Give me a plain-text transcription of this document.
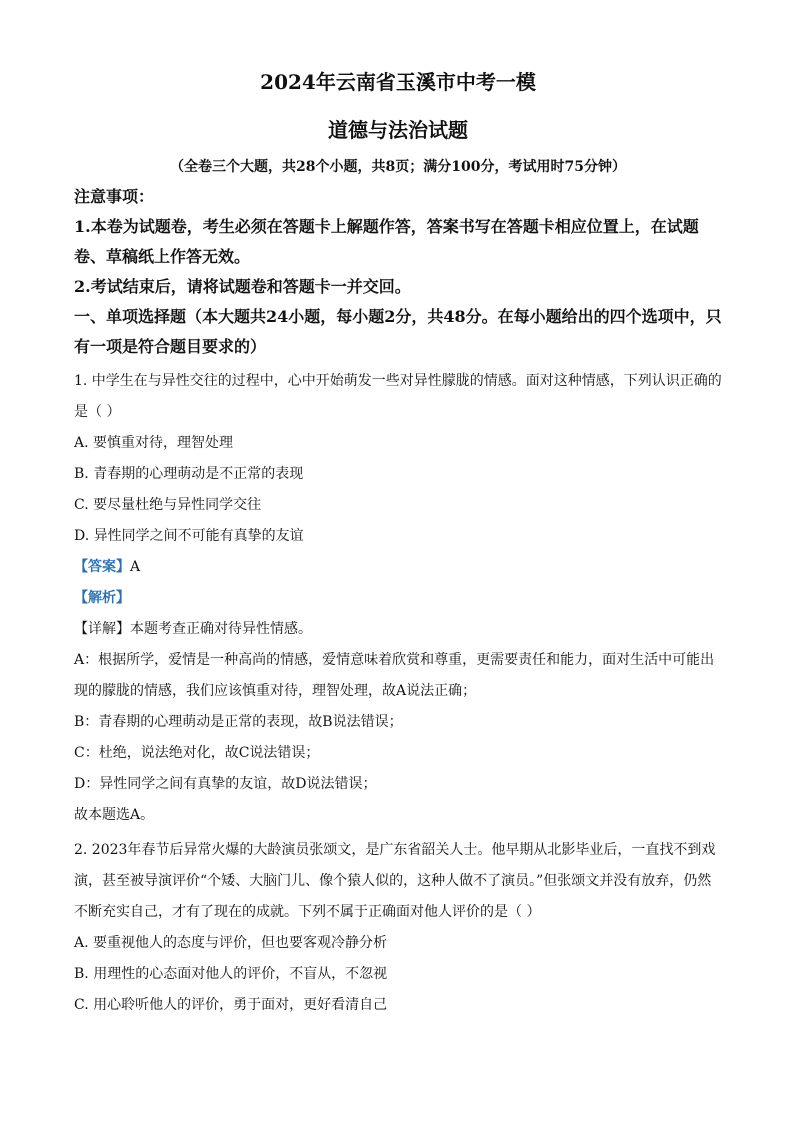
2024年云南省玉溪市中考一模
道德与法治试题
（全卷三个大题，共28个小题，共8页；满分100分，考试用时75分钟）

注意事项：

1.本卷为试题卷，考生必须在答题卡上解题作答，答案书写在答题卡相应位置上，在试题卷、草稿纸上作答无效。

2.考试结束后，请将试题卷和答题卡一并交回。

一、单项选择题（本大题共24小题，每小题2分，共48分。在每小题给出的四个选项中，只有一项是符合题目要求的）

1. 中学生在与异性交往的过程中，心中开始萌发一些对异性朦胧的情感。面对这种情感，下列认识正确的是（ ）

A. 要慎重对待，理智处理

B. 青春期的心理萌动是不正常的表现

C. 要尽量杜绝与异性同学交往

D. 异性同学之间不可能有真挚的友谊

【答案】A

【解析】

【详解】本题考查正确对待异性情感。

A：根据所学，爱情是一种高尚的情感，爱情意味着欣赏和尊重，更需要责任和能力，面对生活中可能出现的朦胧的情感，我们应该慎重对待，理智处理，故A说法正确；

B：青春期的心理萌动是正常的表现，故B说法错误；

C：杜绝，说法绝对化，故C说法错误；

D：异性同学之间有真挚的友谊，故D说法错误；

故本题选A。

2. 2023年春节后异常火爆的大龄演员张颂文，是广东省韶关人士。他早期从北影毕业后，一直找不到戏演，甚至被导演评价“个矮、大脑门儿、像个猿人似的，这种人做不了演员。”但张颂文并没有放弃，仍然不断充实自己，才有了现在的成就。下列不属于正确面对他人评价的是（ ）

A. 要重视他人的态度与评价，但也要客观冷静分析

B. 用理性的心态面对他人的评价，不盲从，不忽视

C. 用心聆听他人的评价，勇于面对，更好看清自己
